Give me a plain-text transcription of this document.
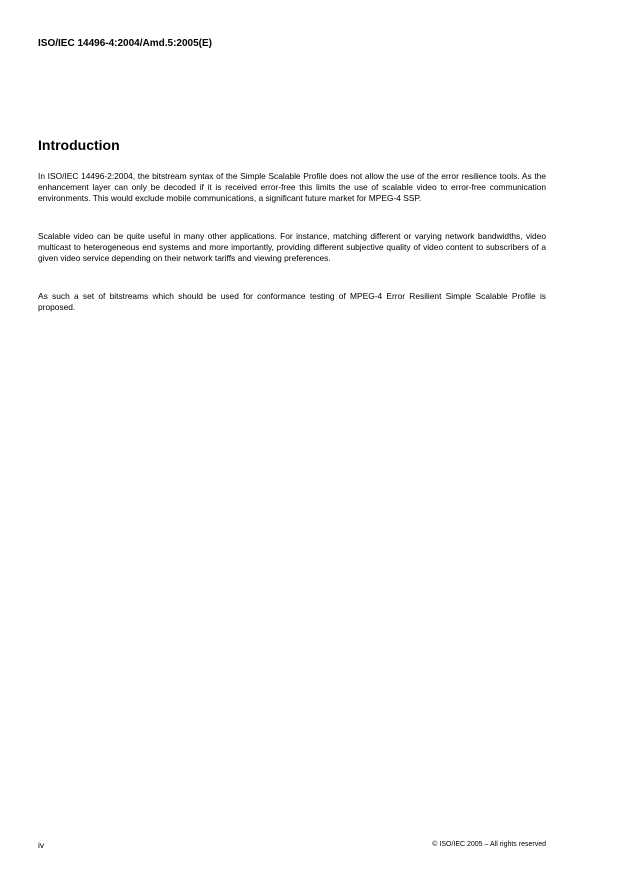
ISO/IEC 14496-4:2004/Amd.5:2005(E)
Introduction

In ISO/IEC 14496-2:2004, the bitstream syntax of the Simple Scalable Profile does not allow the use of the error resilience tools. As the enhancement layer can only be decoded if it is received error-free this limits the use of scalable video to error-free communication environments. This would exclude mobile communications, a significant future market for MPEG-4 SSP.

Scalable video can be quite useful in many other applications. For instance, matching different or varying network bandwidths, video multicast to heterogeneous end systems and more importantly, providing different subjective quality of video content to subscribers of a given video service depending on their network tariffs and viewing preferences.

As such a set of bitstreams which should be used for conformance testing of MPEG-4 Error Resilient Simple Scalable Profile is proposed.

iv	© ISO/IEC 2005 – All rights reserved
